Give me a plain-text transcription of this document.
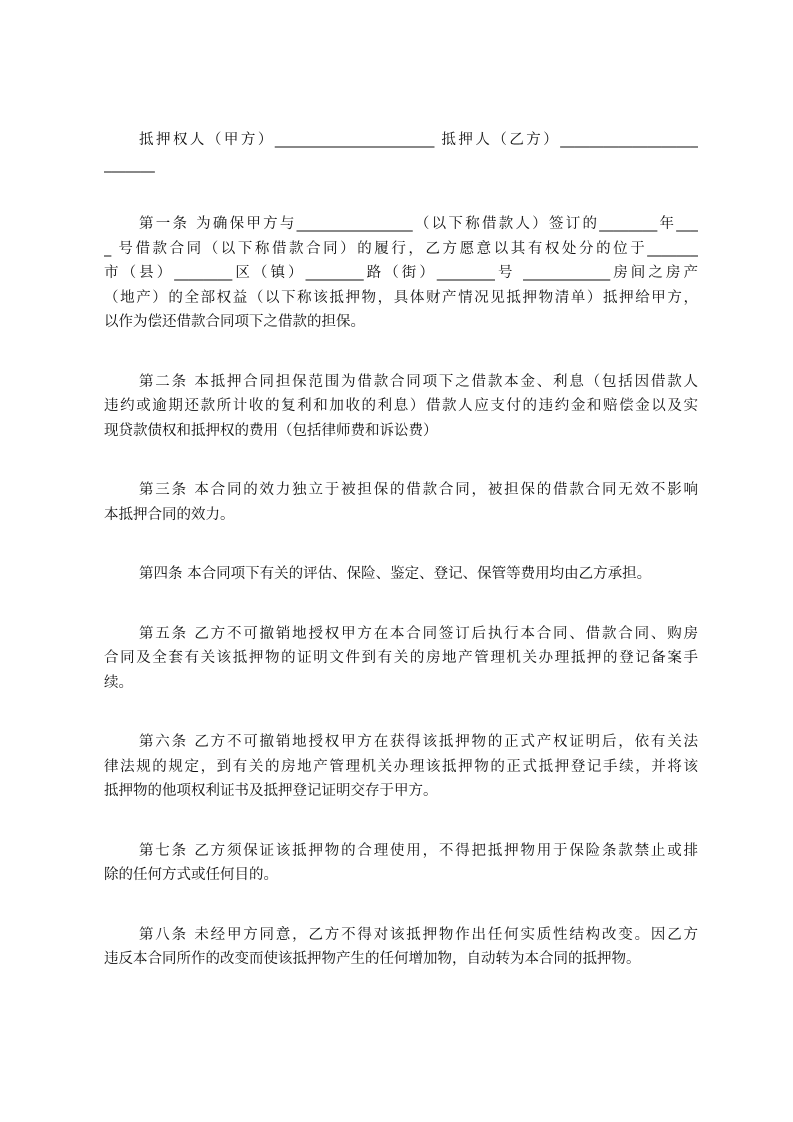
抵押权人（甲方）______________________ 抵押人（乙方）___________________
_______
第一条 为确保甲方与________________（以下称借款人）签订的________年___
_ 号借款合同（以下称借款合同）的履行，乙方愿意以其有权处分的位于_______
市（县）________区（镇）________路（街）________号 ____________房间之房产
（地产）的全部权益（以下称该抵押物，具体财产情况见抵押物清单）抵押给甲方，
以作为偿还借款合同项下之借款的担保。
第二条 本抵押合同担保范围为借款合同项下之借款本金、利息（包括因借款人
违约或逾期还款所计收的复利和加收的利息）借款人应支付的违约金和赔偿金以及实
现贷款债权和抵押权的费用（包括律师费和诉讼费）
第三条 本合同的效力独立于被担保的借款合同，被担保的借款合同无效不影响
本抵押合同的效力。
第四条 本合同项下有关的评估、保险、鉴定、登记、保管等费用均由乙方承担。
第五条 乙方不可撤销地授权甲方在本合同签订后执行本合同、借款合同、购房
合同及全套有关该抵押物的证明文件到有关的房地产管理机关办理抵押的登记备案手
续。
第六条 乙方不可撤销地授权甲方在获得该抵押物的正式产权证明后，依有关法
律法规的规定，到有关的房地产管理机关办理该抵押物的正式抵押登记手续，并将该
抵押物的他项权利证书及抵押登记证明交存于甲方。
第七条 乙方须保证该抵押物的合理使用，不得把抵押物用于保险条款禁止或排
除的任何方式或任何目的。
第八条 未经甲方同意，乙方不得对该抵押物作出任何实质性结构改变。因乙方
违反本合同所作的改变而使该抵押物产生的任何增加物，自动转为本合同的抵押物。
